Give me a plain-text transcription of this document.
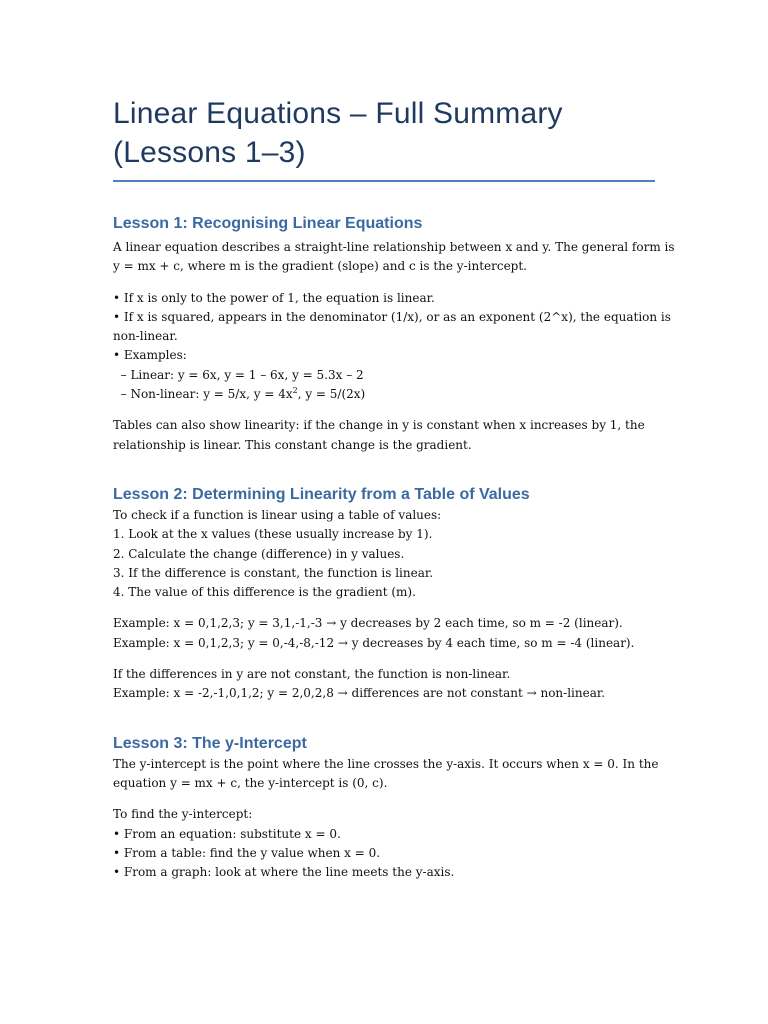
Linear Equations – Full Summary
(Lessons 1–3)
Lesson 1: Recognising Linear Equations
A linear equation describes a straight-line relationship between x and y. The general form is
y = mx + c, where m is the gradient (slope) and c is the y-intercept.
• If x is only to the power of 1, the equation is linear.
• If x is squared, appears in the denominator (1/x), or as an exponent (2^x), the equation is
non-linear.
• Examples:
– Linear: y = 6x, y = 1 – 6x, y = 5.3x – 2
– Non-linear: y = 5/x, $y = 4x^2$, y = 5/(2x)
Tables can also show linearity: if the change in y is constant when x increases by 1, the
relationship is linear. This constant change is the gradient.
Lesson 2: Determining Linearity from a Table of Values
To check if a function is linear using a table of values:
1. Look at the x values (these usually increase by 1).
2. Calculate the change (difference) in y values.
3. If the difference is constant, the function is linear.
4. The value of this difference is the gradient (m).
Example: x = 0,1,2,3; y = 3,1,-1,-3 → y decreases by 2 each time, so m = -2 (linear).
Example: x = 0,1,2,3; y = 0,-4,-8,-12 → y decreases by 4 each time, so m = -4 (linear).
If the differences in y are not constant, the function is non-linear.
Example: x = -2,-1,0,1,2; y = 2,0,2,8 → differences are not constant → non-linear.
Lesson 3: The y-Intercept
The y-intercept is the point where the line crosses the y-axis. It occurs when x = 0. In the
equation y = mx + c, the y-intercept is (0, c).
To find the y-intercept:
• From an equation: substitute x = 0.
• From a table: find the y value when x = 0.
• From a graph: look at where the line meets the y-axis.
